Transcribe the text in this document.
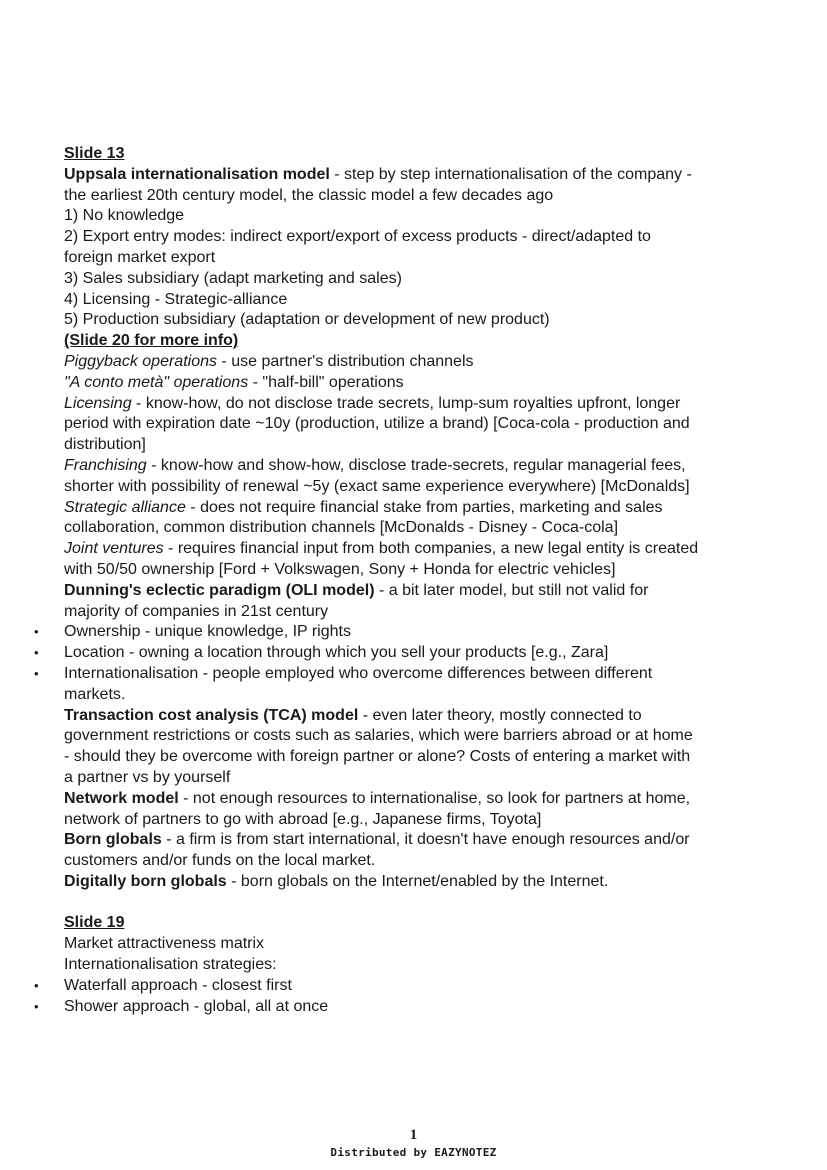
Slide 13
Uppsala internationalisation model - step by step internationalisation of the company -
the earliest 20th century model, the classic model a few decades ago
1) No knowledge
2) Export entry modes: indirect export/export of excess products - direct/adapted to
foreign market export
3) Sales subsidiary (adapt marketing and sales)
4) Licensing - Strategic-alliance
5) Production subsidiary (adaptation or development of new product)
(Slide 20 for more info)
Piggyback operations - use partner's distribution channels
"A conto metà" operations - "half-bill" operations
Licensing - know-how, do not disclose trade secrets, lump-sum royalties upfront, longer
period with expiration date ~10y (production, utilize a brand) [Coca-cola - production and
distribution]
Franchising - know-how and show-how, disclose trade-secrets, regular managerial fees,
shorter with possibility of renewal ~5y (exact same experience everywhere) [McDonalds]
Strategic alliance - does not require financial stake from parties, marketing and sales
collaboration, common distribution channels [McDonalds - Disney - Coca-cola]
Joint ventures - requires financial input from both companies, a new legal entity is created
with 50/50 ownership [Ford + Volkswagen, Sony + Honda for electric vehicles]
Dunning's eclectic paradigm (OLI model) - a bit later model, but still not valid for
majority of companies in 21st century
• Ownership - unique knowledge, IP rights
• Location - owning a location through which you sell your products [e.g., Zara]
• Internationalisation - people employed who overcome differences between different
markets.
Transaction cost analysis (TCA) model - even later theory, mostly connected to
government restrictions or costs such as salaries, which were barriers abroad or at home
- should they be overcome with foreign partner or alone? Costs of entering a market with
a partner vs by yourself
Network model - not enough resources to internationalise, so look for partners at home,
network of partners to go with abroad [e.g., Japanese firms, Toyota]
Born globals - a firm is from start international, it doesn't have enough resources and/or
customers and/or funds on the local market.
Digitally born globals - born globals on the Internet/enabled by the Internet.
Slide 19
Market attractiveness matrix
Internationalisation strategies:
• Waterfall approach - closest first
• Shower approach - global, all at once
1
Distributed by EAZYNOTEZ
